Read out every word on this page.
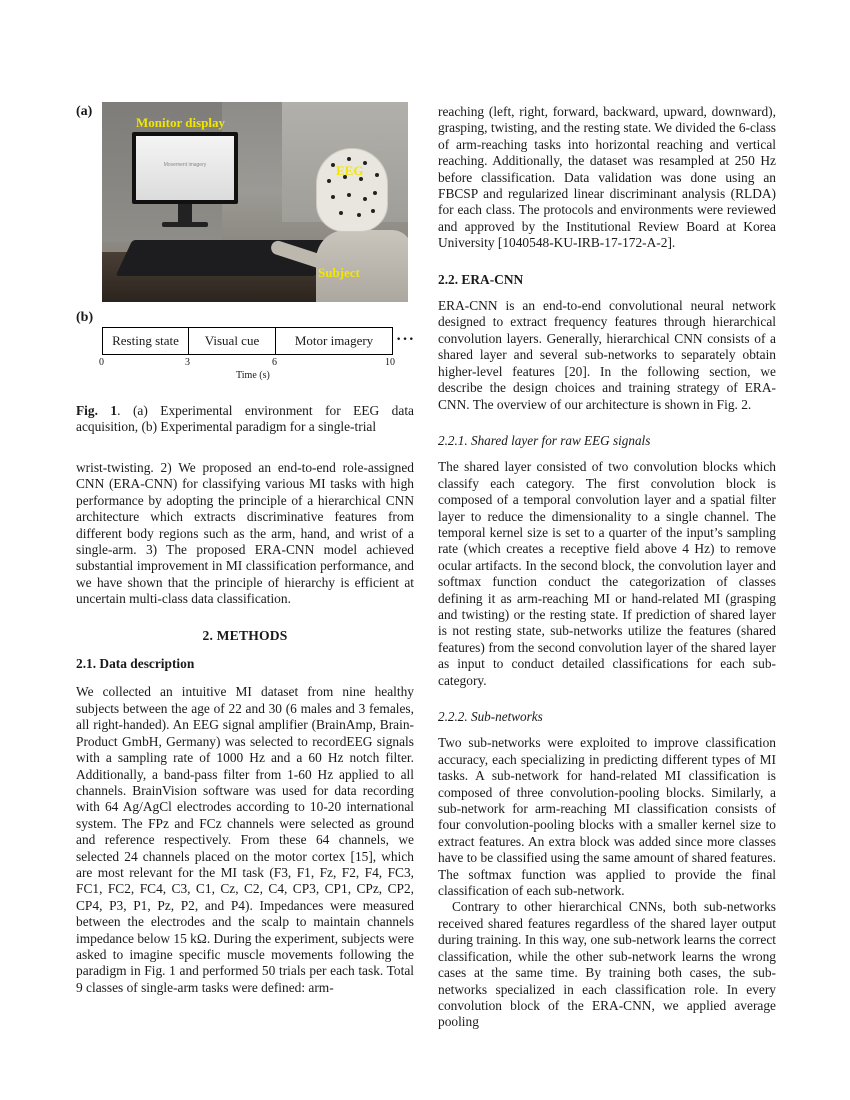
(a)
Movement imagery
Monitor display
EEG
Subject
(b)
Resting state	Visual cue	Motor imagery	···
0	3	6	10
Time (s)
Fig. 1. (a) Experimental environment for EEG data acquisition, (b) Experimental paradigm for a single-trial

wrist-twisting. 2) We proposed an end-to-end role-assigned CNN (ERA-CNN) for classifying various MI tasks with high performance by adopting the principle of a hierarchical CNN architecture which extracts discriminative features from different body regions such as the arm, hand, and wrist of a single-arm. 3) The proposed ERA-CNN model achieved substantial improvement in MI classification performance, and we have shown that the principle of hierarchy is efficient at uncertain multi-class data classification.

2. METHODS
2.1. Data description

We collected an intuitive MI dataset from nine healthy subjects between the age of 22 and 30 (6 males and 3 females, all right-handed). An EEG signal amplifier (BrainAmp, Brain-Product GmbH, Germany) was selected to recordEEG signals with a sampling rate of 1000 Hz and a 60 Hz notch filter. Additionally, a band-pass filter from 1-60 Hz applied to all channels. BrainVision software was used for data recording with 64 Ag/AgCl electrodes according to 10-20 international system. The FPz and FCz channels were selected as ground and reference respectively. From these 64 channels, we selected 24 channels placed on the motor cortex [15], which are most relevant for the MI task (F3, F1, Fz, F2, F4, FC3, FC1, FC2, FC4, C3, C1, Cz, C2, C4, CP3, CP1, CPz, CP2, CP4, P3, P1, Pz, P2, and P4). Impedances were measured between the electrodes and the scalp to maintain channels impedance below 15 kΩ. During the experiment, subjects were asked to imagine specific muscle movements following the paradigm in Fig. 1 and performed 50 trials per each task. Total 9 classes of single-arm tasks were defined: arm-

reaching (left, right, forward, backward, upward, downward), grasping, twisting, and the resting state. We divided the 6-class of arm-reaching tasks into horizontal reaching and vertical reaching. Additionally, the dataset was resampled at 250 Hz before classification. Data validation was done using an FBCSP and regularized linear discriminant analysis (RLDA) for each class. The protocols and environments were reviewed and approved by the Institutional Review Board at Korea University [1040548-KU-IRB-17-172-A-2].

2.2. ERA-CNN

ERA-CNN is an end-to-end convolutional neural network designed to extract frequency features through hierarchical convolution layers. Generally, hierarchical CNN consists of a shared layer and several sub-networks to separately obtain higher-level features [20]. In the following section, we describe the design choices and training strategy of ERA-CNN. The overview of our architecture is shown in Fig. 2.

2.2.1. Shared layer for raw EEG signals

The shared layer consisted of two convolution blocks which classify each category. The first convolution block is composed of a temporal convolution layer and a spatial filter layer to reduce the dimensionality to a single channel. The temporal kernel size is set to a quarter of the input’s sampling rate (which creates a receptive field above 4 Hz) to remove ocular artifacts. In the second block, the convolution layer and softmax function conduct the categorization of classes defining it as arm-reaching MI or hand-related MI (grasping and twisting) or the resting state. If prediction of shared layer is not resting state, sub-networks utilize the features (shared features) from the second convolution layer of the shared layer as input to conduct detailed classifications for each sub-category.

2.2.2. Sub-networks

Two sub-networks were exploited to improve classification accuracy, each specializing in predicting different types of MI tasks. A sub-network for hand-related MI classification is composed of three convolution-pooling blocks. Similarly, a sub-network for arm-reaching MI classification consists of four convolution-pooling blocks with a smaller kernel size to extract features. An extra block was added since more classes have to be classified using the same amount of shared features. The softmax function was applied to provide the final classification of each sub-network.

Contrary to other hierarchical CNNs, both sub-networks received shared features regardless of the shared layer output during training. In this way, one sub-network learns the correct classification, while the other sub-network learns the wrong cases at the same time. By training both cases, the sub-networks specialized in each classification role. In every convolution block of the ERA-CNN, we applied average pooling
